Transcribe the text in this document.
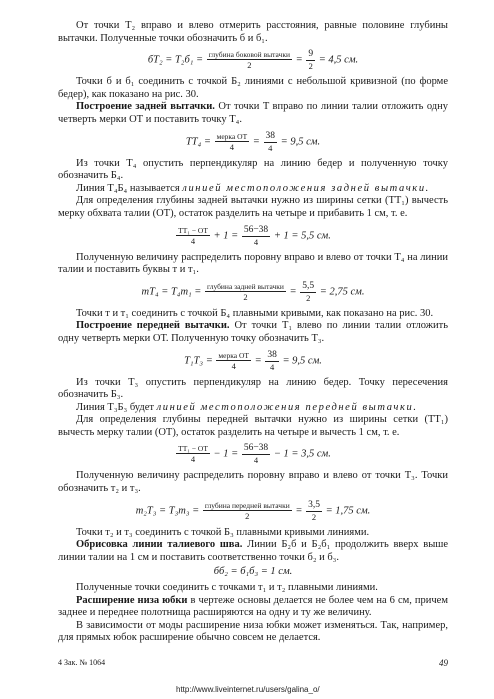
От точки T₂ вправо и влево отмерить расстояния, равные половине глубины вытачки. Полученные точки обозначить б и б₁.

$бT_2 = T_2б_1 = \frac{\text{глубина боковой вытачки}}{2} = \frac{9}{2} = 4,5$ см.

Точки б и б₁ соединить с точкой Б₂ линиями с небольшой кривизной (по форме бедер), как показано на рис. 30.

Построение задней вытачки. От точки T вправо по линии талии отложить одну четверть мерки ОТ и поставить точку T₄.

$TT_4 = \frac{\text{мерка ОТ}}{4} = \frac{38}{4} = 9,5$ см.

Из точки T₄ опустить перпендикуляр на линию бедер и полученную точку обозначить Б₄.

Линия T₄Б₄ называется линией местоположения задней вытачки.

Для определения глубины задней вытачки нужно из ширины сетки (TT₁) вычесть мерку обхвата талии (ОТ), остаток разделить на четыре и прибавить 1 см, т. е.

$\frac{\text{TT₁ − ОТ}}{4} + 1 = \frac{56-38}{4} + 1 = 5,5$ см.

Полученную величину распределить поровну вправо и влево от точки T₄ на линии талии и поставить буквы т и т₁.

$тT_4 = T_4т_1 = \frac{\text{глубина задней вытачки}}{2} = \frac{5,5}{2} = 2,75$ см.

Точки т и т₁ соединить с точкой Б₄ плавными кривыми, как показано на рис. 30.

Построение передней вытачки. От точки T₁ влево по линии талии отложить одну четверть мерки ОТ. Полученную точку обозначить T₃.

$T_1T_3 = \frac{\text{мерка ОТ}}{4} = \frac{38}{4} = 9,5$ см.

Из точки T₃ опустить перпендикуляр на линию бедер. Точку пересечения обозначить Б₃.

Линия T₃Б₃ будет линией местоположения передней вытачки.

Для определения глубины передней вытачки нужно из ширины сетки (TT₁) вычесть мерку талии (ОТ), остаток разделить на четыре и вычесть 1 см, т. е.

$\frac{\text{TT₁ − ОТ}}{4} - 1 = \frac{56-38}{4} - 1 = 3,5$ см.

Полученную величину распределить поровну вправо и влево от точки T₃. Точки обозначить т₂ и т₃.

$т_2T_3 = T_3т_3 = \frac{\text{глубина передней вытачки}}{2} = \frac{3,5}{2} = 1,75$ см.

Точки т₂ и т₃ соединить с точкой Б₃ плавными кривыми линиями.

Обрисовка линии талиевого шва. Линии Б₂б и Б₂б₁ продолжить вверх выше линии талии на 1 см и поставить соответственно точки б₂ и б₃.

бб₂ = б₁б₃ = 1 см.

Полученные точки соединить с точками т₁ и т₂ плавными линиями.

Расширение низа юбки в чертеже основы делается не более чем на 6 см, причем заднее и переднее полотнища расширяются на одну и ту же величину.

В зависимости от моды расширение низа юбки может изменяться. Так, например, для прямых юбок расширение обычно совсем не делается.

4 Зак. № 1064	49
http://www.liveinternet.ru/users/galina_o/
